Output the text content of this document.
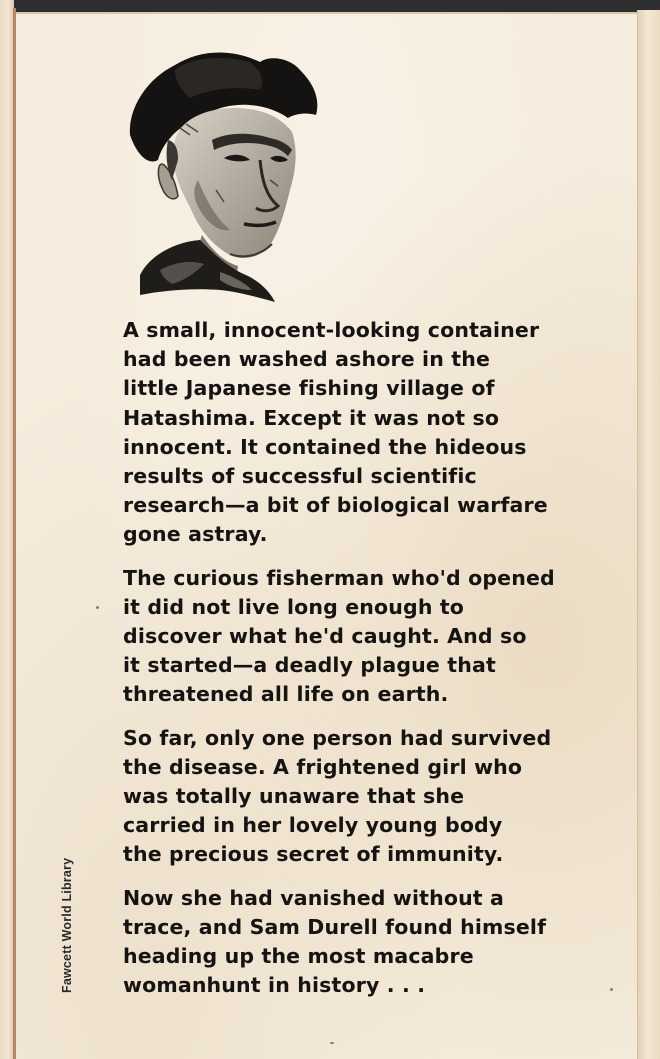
A small, innocent-looking container
had been washed ashore in the
little Japanese fishing village of
Hatashima. Except it was not so
innocent. It contained the hideous
results of successful scientific
research—a bit of biological warfare
gone astray.

The curious fisherman who'd opened
it did not live long enough to
discover what he'd caught. And so
it started—a deadly plague that
threatened all life on earth.

So far, only one person had survived
the disease. A frightened girl who
was totally unaware that she
carried in her lovely young body
the precious secret of immunity.

Now she had vanished without a
trace, and Sam Durell found himself
heading up the most macabre
womanhunt in history . . .

Fawcett World Library
